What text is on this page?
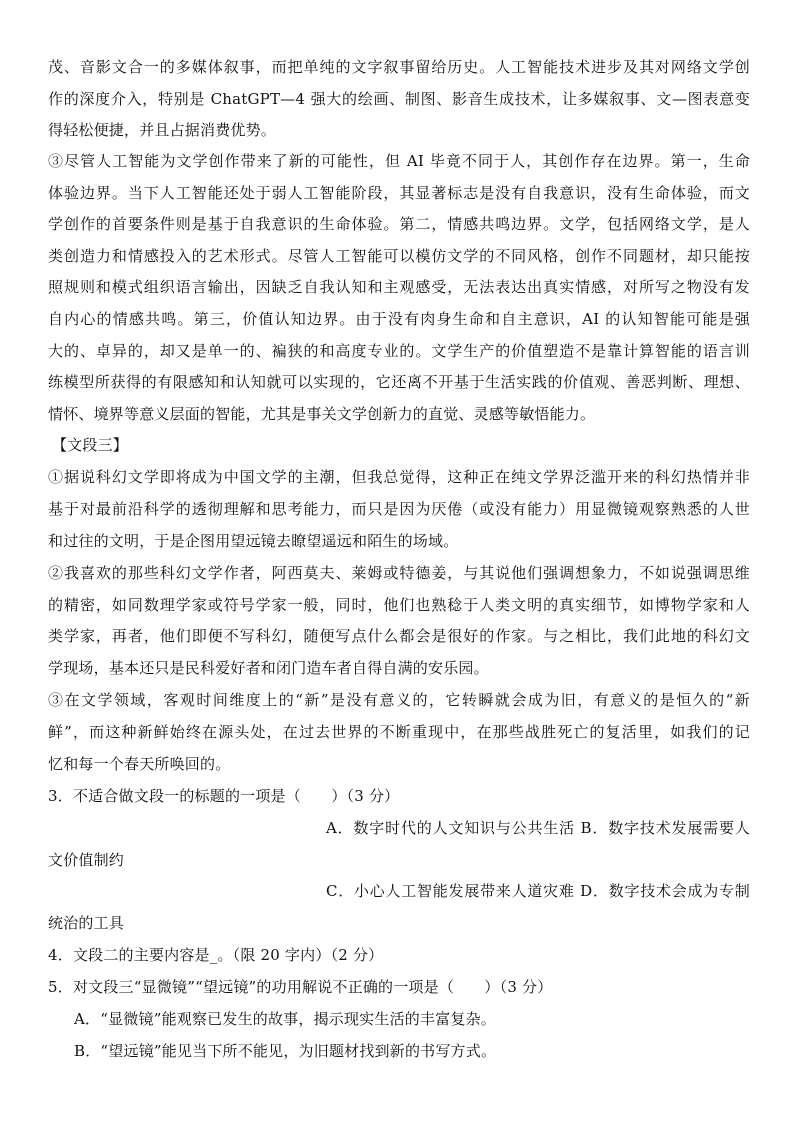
茂、音影文合一的多媒体叙事，而把单纯的文字叙事留给历史。人工智能技术进步及其对网络文学创
作的深度介入，特别是 ChatGPT—4 强大的绘画、制图、影音生成技术，让多媒叙事、文—图表意变
得轻松便捷，并且占据消费优势。
③尽管人工智能为文学创作带来了新的可能性，但 AI 毕竟不同于人，其创作存在边界。第一，生命
体验边界。当下人工智能还处于弱人工智能阶段，其显著标志是没有自我意识，没有生命体验，而文
学创作的首要条件则是基于自我意识的生命体验。第二，情感共鸣边界。文学，包括网络文学，是人
类创造力和情感投入的艺术形式。尽管人工智能可以模仿文学的不同风格，创作不同题材，却只能按
照规则和模式组织语言输出，因缺乏自我认知和主观感受，无法表达出真实情感，对所写之物没有发
自内心的情感共鸣。第三，价值认知边界。由于没有肉身生命和自主意识，AI 的认知智能可能是强
大的、卓异的，却又是单一的、褊狭的和高度专业的。文学生产的价值塑造不是靠计算智能的语言训
练模型所获得的有限感知和认知就可以实现的，它还离不开基于生活实践的价值观、善恶判断、理想、
情怀、境界等意义层面的智能，尤其是事关文学创新力的直觉、灵感等敏悟能力。
【文段三】
①据说科幻文学即将成为中国文学的主潮，但我总觉得，这种正在纯文学界泛滥开来的科幻热情并非
基于对最前沿科学的透彻理解和思考能力，而只是因为厌倦（或没有能力）用显微镜观察熟悉的人世
和过往的文明，于是企图用望远镜去瞭望遥远和陌生的场域。
②我喜欢的那些科幻文学作者，阿西莫夫、莱姆或特德姜，与其说他们强调想象力，不如说强调思维
的精密，如同数理学家或符号学家一般，同时，他们也熟稔于人类文明的真实细节，如博物学家和人
类学家，再者，他们即便不写科幻，随便写点什么都会是很好的作家。与之相比，我们此地的科幻文
学现场，基本还只是民科爱好者和闭门造车者自得自满的安乐园。
③在文学领域，客观时间维度上的“新”是没有意义的，它转瞬就会成为旧，有意义的是恒久的“新
鲜”，而这种新鲜始终在源头处，在过去世界的不断重现中，在那些战胜死亡的复活里，如我们的记
忆和每一个春天所唤回的。
3．不适合做文段一的标题的一项是（　　）（3 分）
A．数字时代的人文知识与公共生活 B．数字技术发展需要人
文价值制约
C．小心人工智能发展带来人道灾难 D．数字技术会成为专制
统治的工具
4．文段二的主要内容是_。（限 20 字内）（2 分）
5．对文段三“显微镜”“望远镜”的功用解说不正确的一项是（　　）（3 分）
A．“显微镜”能观察已发生的故事，揭示现实生活的丰富复杂。
B．“望远镜”能见当下所不能见，为旧题材找到新的书写方式。
